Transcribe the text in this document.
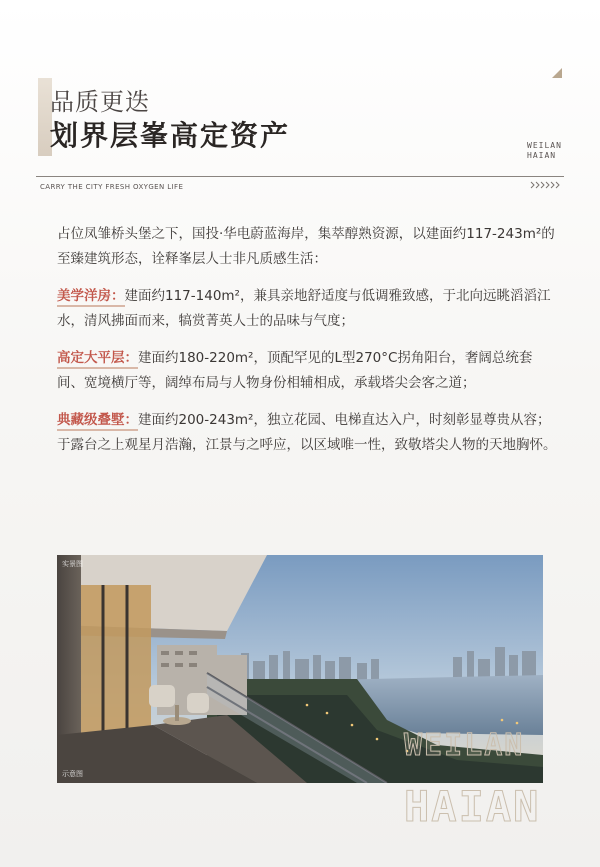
品质更迭
划界层峯高定资产	WEILAN
HAIAN
CARRY THE CITY FRESH OXYGEN LIFE

占位凤雏桥头堡之下，国投·华电蔚蓝海岸，集萃醇熟资源，以建面约117-243m²的至臻建筑形态，诠释峯层人士非凡质感生活：

美学洋房：建面约117-140m²，兼具亲地舒适度与低调雅致感，于北向远眺滔滔江水，清风拂面而来，犒赏菁英人士的品味与气度；

高定大平层：建面约180-220m²，顶配罕见的L型270°C拐角阳台，奢阔总统套间、宽境横厅等，阔绰布局与人物身份相辅相成，承载塔尖会客之道；

典藏级叠墅：建面约200-243m²，独立花园、电梯直达入户，时刻彰显尊贵从容；于露台之上观星月浩瀚，江景与之呼应，以区域唯一性，致敬塔尖人物的天地胸怀。

实景图
示意图
WEILAN
HAIAN
